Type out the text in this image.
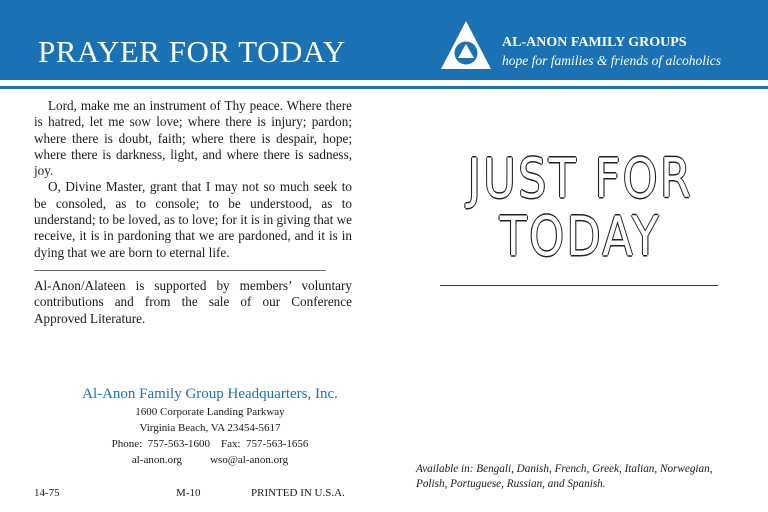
PRAYER FOR TODAY	AL-ANON FAMILY GROUPS
hope for families & friends of alcoholics

Lord, make me an instrument of Thy peace. Where there is hatred, let me sow love; where there is injury; pardon; where there is doubt, faith; where there is despair, hope; where there is darkness, light, and where there is sadness, joy.

O, Divine Master, grant that I may not so much seek to be consoled, as to console; to be understood, as to understand; to be loved, as to love; for it is in giving that we receive, it is in pardoning that we are pardoned, and it is in dying that we are born to eternal life.

Al-Anon/Alateen is supported by members’ voluntary contributions and from the sale of our Conference Approved Literature.
Al-Anon Family Group Headquarters, Inc.
1600 Corporate Landing Parkway
Virginia Beach, VA 23454-5617
Phone:  757-563-1600    Fax:  757-563-1656
al-anon.org	wso@al-anon.org
14-75	M-10	PRINTED IN U.S.A.
JUST FOR
TODAY
Available in: Bengali, Danish, French, Greek, Italian, Norwegian, Polish, Portuguese, Russian, and Spanish.
